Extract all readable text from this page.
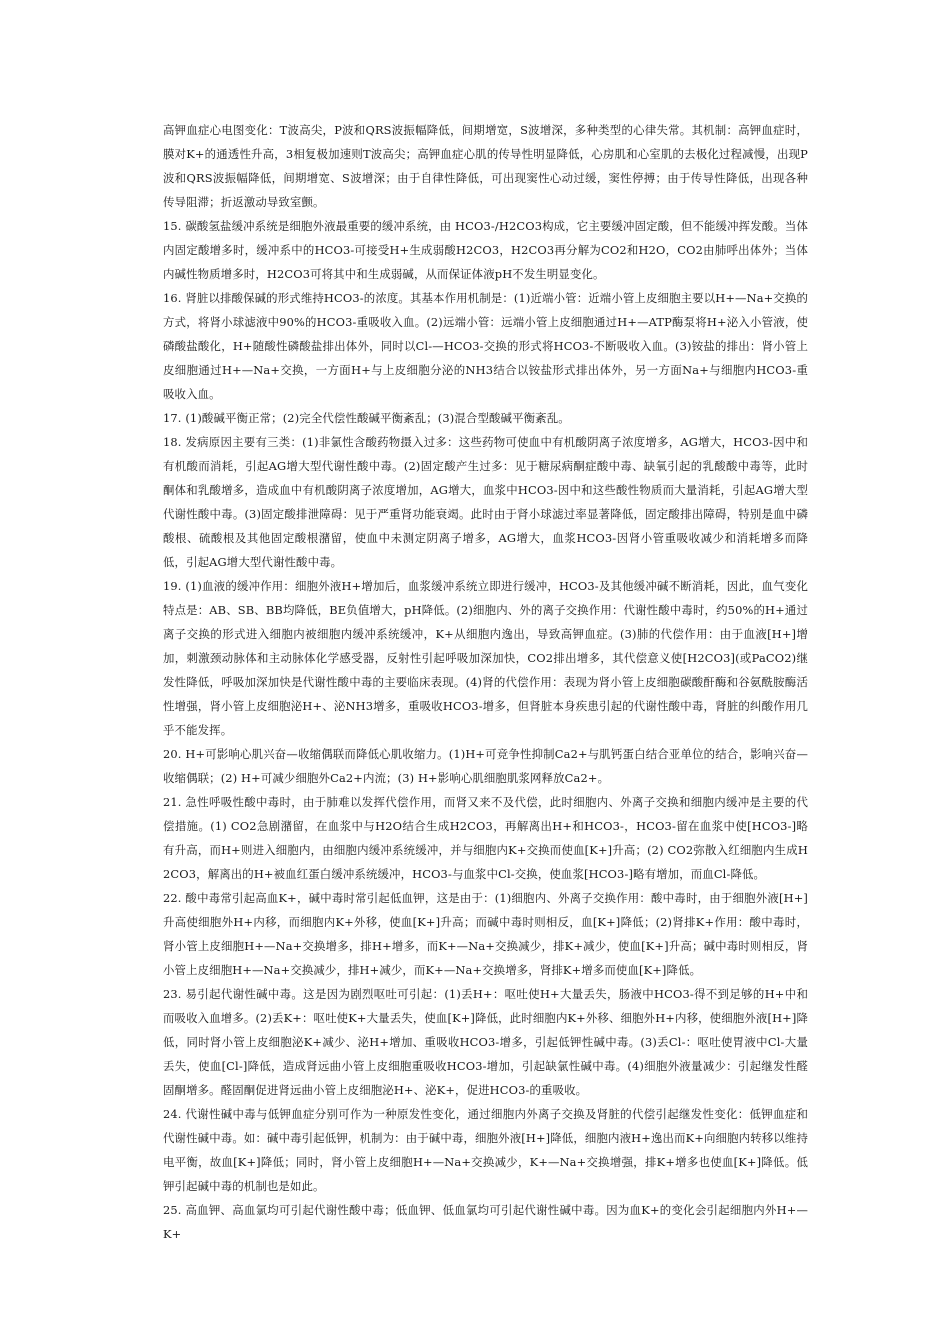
高钾血症心电图变化：T波高尖，P波和QRS波振幅降低，间期增宽，S波增深，多种类型的心律失常。其机制：高钾血症时，膜对K+的通透性升高，3相复极加速则T波高尖；高钾血症心肌的传导性明显降低，心房肌和心室肌的去极化过程减慢，出现P波和QRS波振幅降低，间期增宽、S波增深；由于自律性降低，可出现窦性心动过缓，窦性停搏；由于传导性降低，出现各种传导阻滞；折返激动导致室颤。

15. 碳酸氢盐缓冲系统是细胞外液最重要的缓冲系统，由 HCO3-/H2CO3构成，它主要缓冲固定酸，但不能缓冲挥发酸。当体内固定酸增多时，缓冲系中的HCO3-可接受H+生成弱酸H2CO3，H2CO3再分解为CO2和H2O，CO2由肺呼出体外；当体内碱性物质增多时，H2CO3可将其中和生成弱碱，从而保证体液pH不发生明显变化。

16. 肾脏以排酸保碱的形式维持HCO3-的浓度。其基本作用机制是：(1)近端小管：近端小管上皮细胞主要以H+—Na+交换的方式，将肾小球滤液中90%的HCO3-重吸收入血。(2)远端小管：远端小管上皮细胞通过H+—ATP酶泵将H+泌入小管液，使磷酸盐酸化，H+随酸性磷酸盐排出体外，同时以Cl-—HCO3-交换的形式将HCO3-不断吸收入血。(3)铵盐的排出：肾小管上皮细胞通过H+—Na+交换，一方面H+与上皮细胞分泌的NH3结合以铵盐形式排出体外，另一方面Na+与细胞内HCO3-重吸收入血。

17. (1)酸碱平衡正常；(2)完全代偿性酸碱平衡紊乱；(3)混合型酸碱平衡紊乱。

18. 发病原因主要有三类：(1)非氯性含酸药物摄入过多：这些药物可使血中有机酸阴离子浓度增多，AG增大，HCO3-因中和有机酸而消耗，引起AG增大型代谢性酸中毒。(2)固定酸产生过多：见于糖尿病酮症酸中毒、缺氧引起的乳酸酸中毒等，此时酮体和乳酸增多，造成血中有机酸阴离子浓度增加，AG增大，血浆中HCO3-因中和这些酸性物质而大量消耗，引起AG增大型代谢性酸中毒。(3)固定酸排泄障碍：见于严重肾功能衰竭。此时由于肾小球滤过率显著降低，固定酸排出障碍，特别是血中磷酸根、硫酸根及其他固定酸根潴留，使血中未测定阴离子增多，AG增大，血浆HCO3-因肾小管重吸收减少和消耗增多而降低，引起AG增大型代谢性酸中毒。

19. (1)血液的缓冲作用：细胞外液H+增加后，血浆缓冲系统立即进行缓冲，HCO3-及其他缓冲碱不断消耗，因此，血气变化特点是：AB、SB、BB均降低，BE负值增大，pH降低。(2)细胞内、外的离子交换作用：代谢性酸中毒时，约50%的H+通过离子交换的形式进入细胞内被细胞内缓冲系统缓冲，K+从细胞内逸出，导致高钾血症。(3)肺的代偿作用：由于血液[H+]增加，刺激颈动脉体和主动脉体化学感受器，反射性引起呼吸加深加快，CO2排出增多，其代偿意义使[H2CO3](或PaCO2)继发性降低，呼吸加深加快是代谢性酸中毒的主要临床表现。(4)肾的代偿作用：表现为肾小管上皮细胞碳酸酐酶和谷氨酰胺酶活性增强，肾小管上皮细胞泌H+、泌NH3增多，重吸收HCO3-增多，但肾脏本身疾患引起的代谢性酸中毒，肾脏的纠酸作用几乎不能发挥。

20. H+可影响心肌兴奋—收缩偶联而降低心肌收缩力。(1)H+可竞争性抑制Ca2+与肌钙蛋白结合亚单位的结合，影响兴奋—收缩偶联；(2) H+可减少细胞外Ca2+内流；(3) H+影响心肌细胞肌浆网释放Ca2+。

21. 急性呼吸性酸中毒时，由于肺难以发挥代偿作用，而肾又来不及代偿，此时细胞内、外离子交换和细胞内缓冲是主要的代偿措施。(1) CO2急剧潴留，在血浆中与H2O结合生成H2CO3，再解离出H+和HCO3-，HCO3-留在血浆中使[HCO3-]略有升高，而H+则进入细胞内，由细胞内缓冲系统缓冲，并与细胞内K+交换而使血[K+]升高；(2) CO2弥散入红细胞内生成H2CO3，解离出的H+被血红蛋白缓冲系统缓冲，HCO3-与血浆中Cl-交换，使血浆[HCO3-]略有增加，而血Cl-降低。

22. 酸中毒常引起高血K+，碱中毒时常引起低血钾，这是由于：(1)细胞内、外离子交换作用：酸中毒时，由于细胞外液[H+]升高使细胞外H+内移，而细胞内K+外移，使血[K+]升高；而碱中毒时则相反，血[K+]降低；(2)肾排K+作用：酸中毒时，肾小管上皮细胞H+—Na+交换增多，排H+增多，而K+—Na+交换减少，排K+减少，使血[K+]升高；碱中毒时则相反，肾小管上皮细胞H+—Na+交换减少，排H+减少，而K+—Na+交换增多，肾排K+增多而使血[K+]降低。

23. 易引起代谢性碱中毒。这是因为剧烈呕吐可引起：(1)丢H+：呕吐使H+大量丢失，肠液中HCO3-得不到足够的H+中和而吸收入血增多。(2)丢K+：呕吐使K+大量丢失，使血[K+]降低，此时细胞内K+外移、细胞外H+内移，使细胞外液[H+]降低，同时肾小管上皮细胞泌K+减少、泌H+增加、重吸收HCO3-增多，引起低钾性碱中毒。(3)丢Cl-：呕吐使胃液中Cl-大量丢失，使血[Cl-]降低，造成肾远曲小管上皮细胞重吸收HCO3-增加，引起缺氯性碱中毒。(4)细胞外液量减少：引起继发性醛固酮增多。醛固酮促进肾远曲小管上皮细胞泌H+、泌K+，促进HCO3-的重吸收。

24. 代谢性碱中毒与低钾血症分别可作为一种原发性变化，通过细胞内外离子交换及肾脏的代偿引起继发性变化：低钾血症和代谢性碱中毒。如：碱中毒引起低钾，机制为：由于碱中毒，细胞外液[H+]降低，细胞内液H+逸出而K+向细胞内转移以维持电平衡，故血[K+]降低；同时，肾小管上皮细胞H+—Na+交换减少，K+—Na+交换增强，排K+增多也使血[K+]降低。低钾引起碱中毒的机制也是如此。

25. 高血钾、高血氯均可引起代谢性酸中毒；低血钾、低血氯均可引起代谢性碱中毒。因为血K+的变化会引起细胞内外H+—K+
